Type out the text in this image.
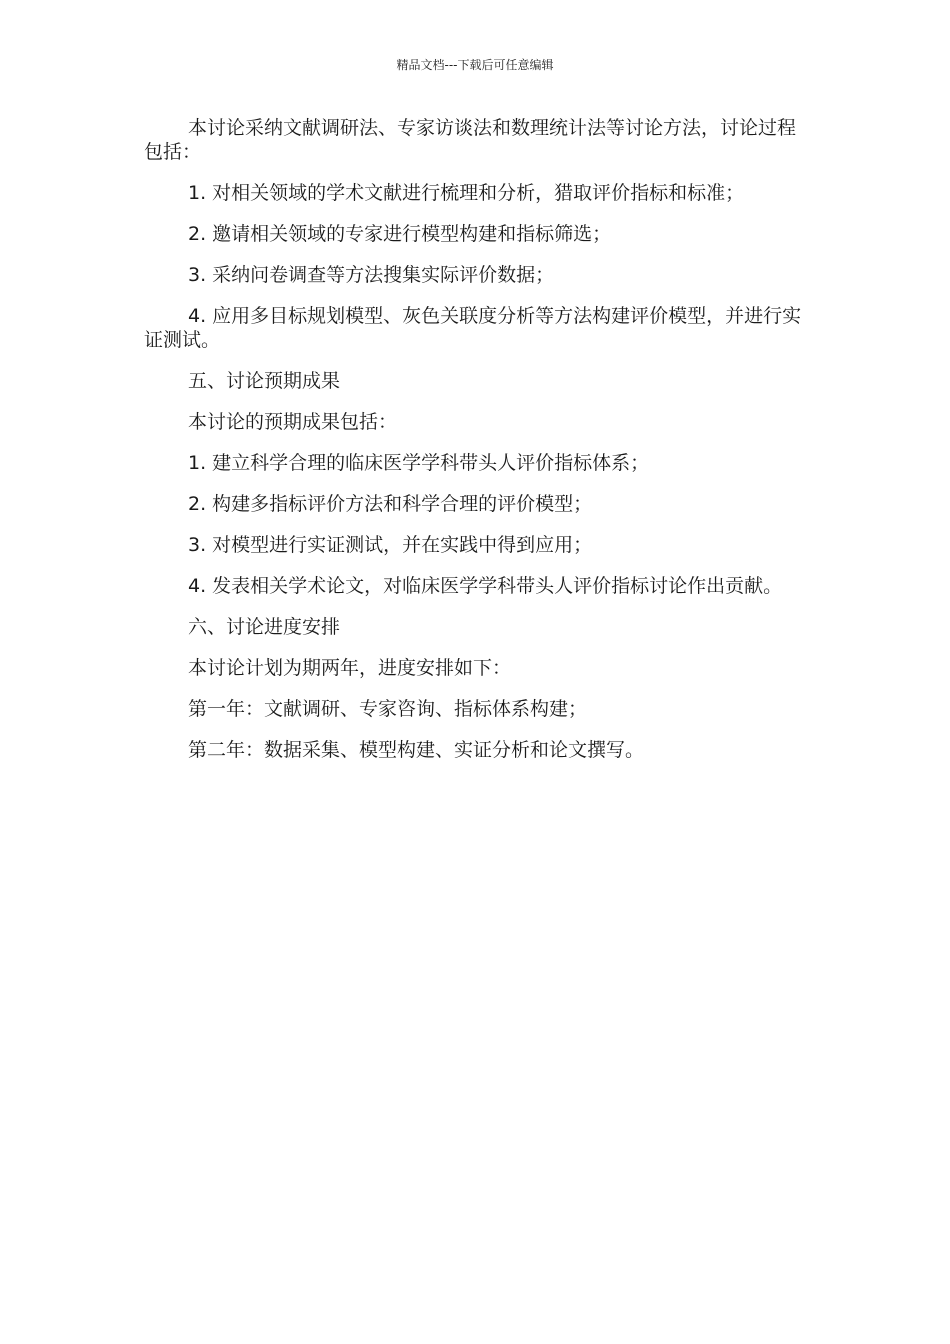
精品文档---下载后可任意编辑

本讨论采纳文献调研法、专家访谈法和数理统计法等讨论方法，讨论过程包括：

1. 对相关领域的学术文献进行梳理和分析，猎取评价指标和标准；

2. 邀请相关领域的专家进行模型构建和指标筛选；

3. 采纳问卷调查等方法搜集实际评价数据；

4. 应用多目标规划模型、灰色关联度分析等方法构建评价模型，并进行实证测试。

五、讨论预期成果

本讨论的预期成果包括：

1. 建立科学合理的临床医学学科带头人评价指标体系；

2. 构建多指标评价方法和科学合理的评价模型；

3. 对模型进行实证测试，并在实践中得到应用；

4. 发表相关学术论文，对临床医学学科带头人评价指标讨论作出贡献。

六、讨论进度安排

本讨论计划为期两年，进度安排如下：

第一年：文献调研、专家咨询、指标体系构建；

第二年：数据采集、模型构建、实证分析和论文撰写。
